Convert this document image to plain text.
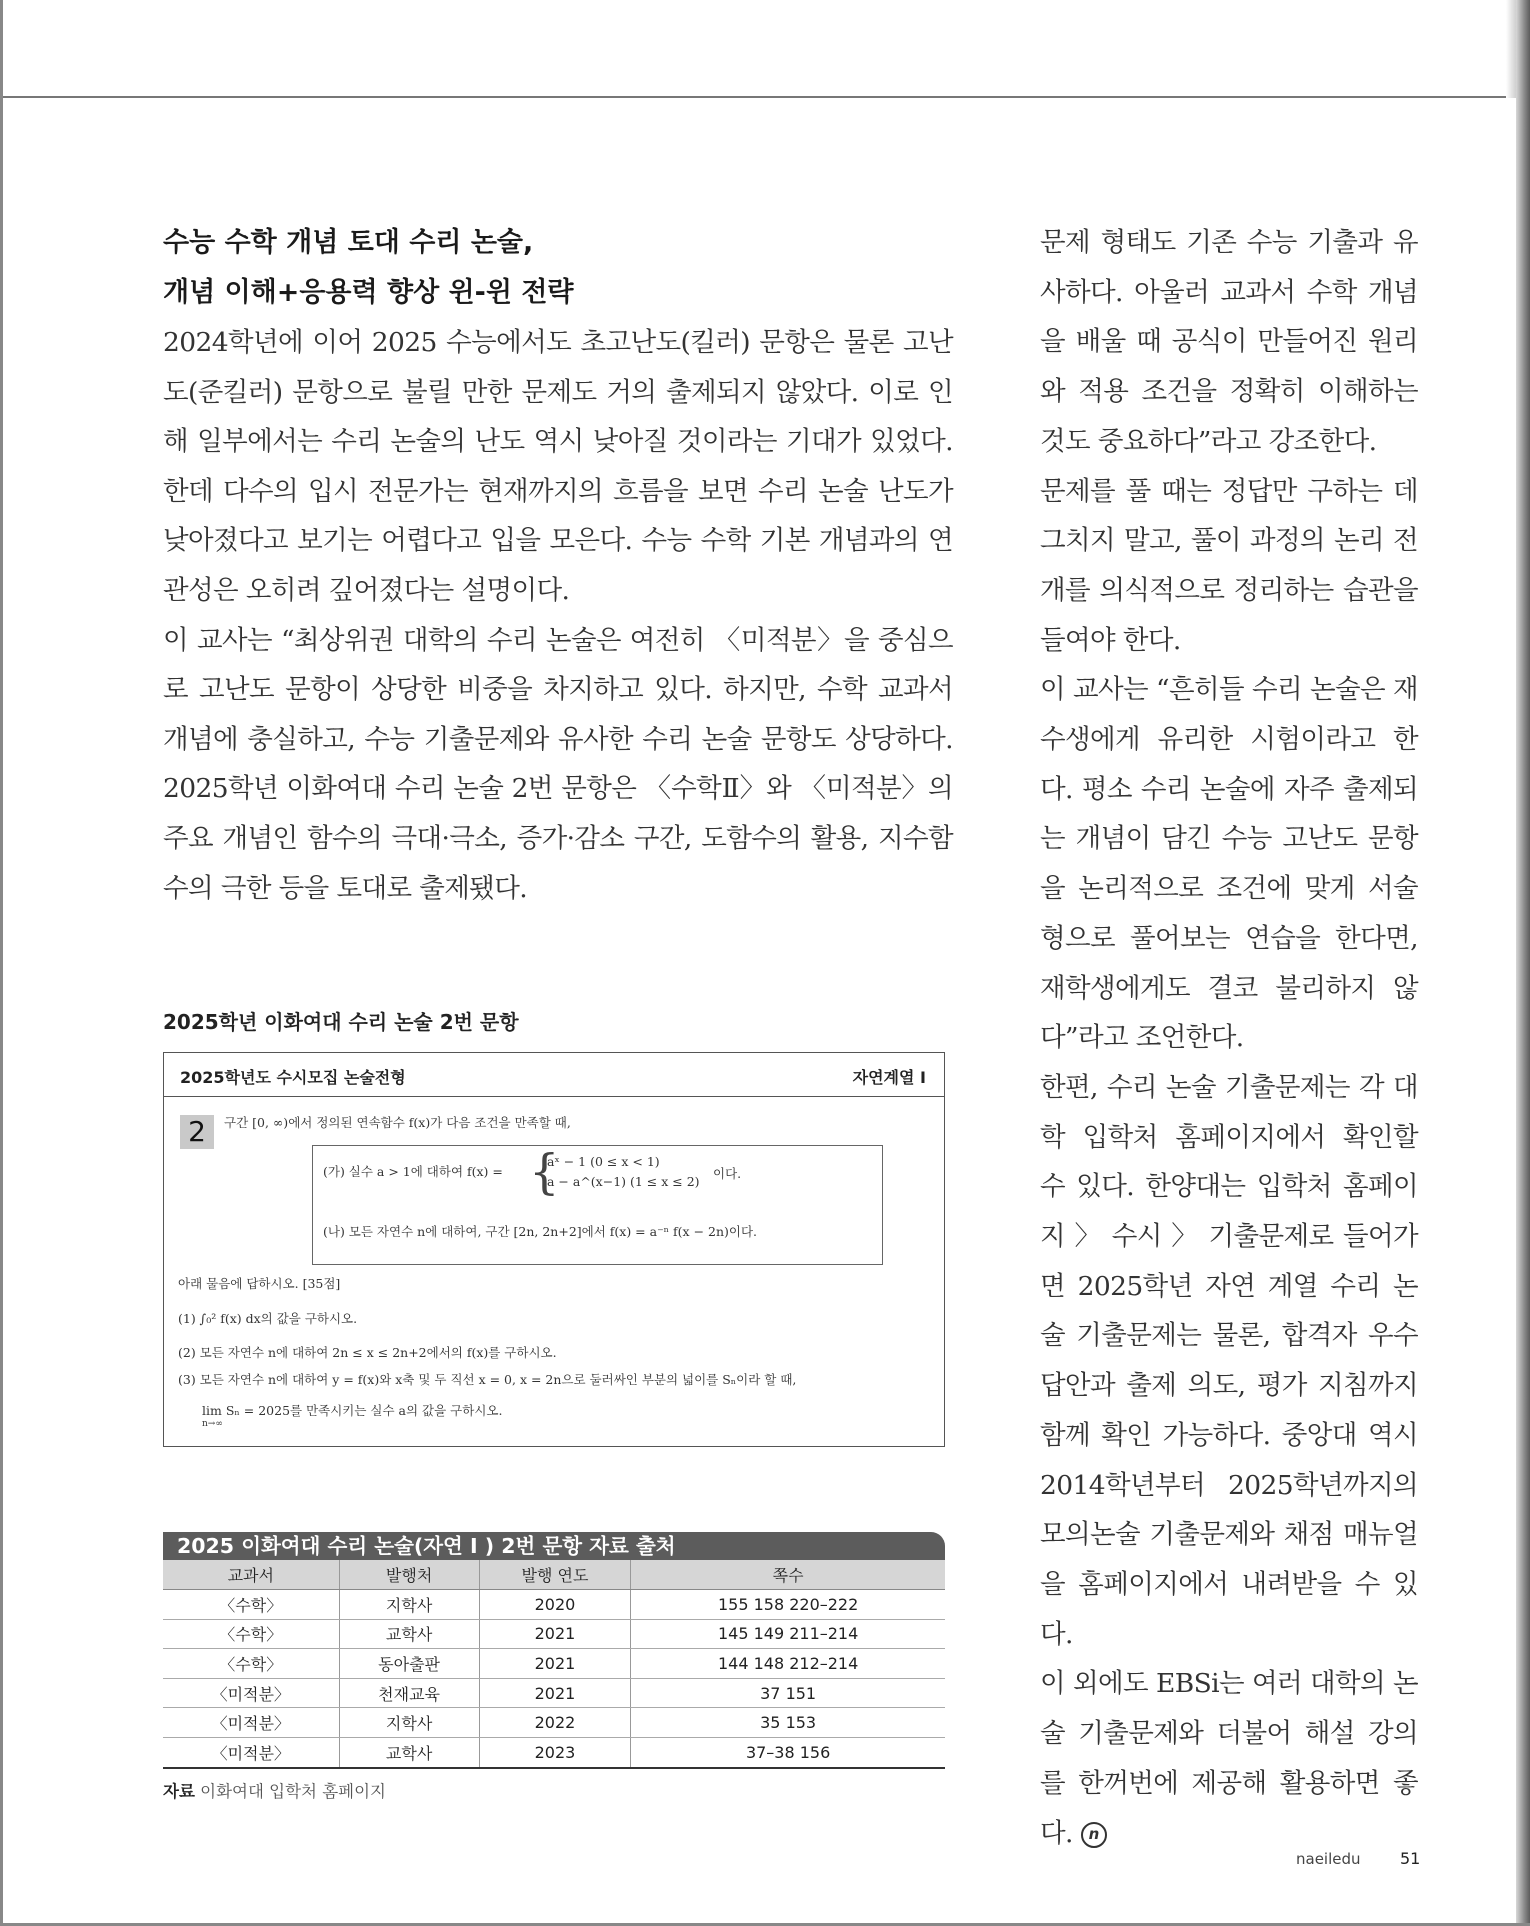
수능 수학 개념 토대 수리 논술,
개념 이해+응용력 향상 윈-윈 전략

2024학년에 이어 2025 수능에서도 초고난도(킬러) 문항은 물론 고난도(준킬러) 문항으로 불릴 만한 문제도 거의 출제되지 않았다. 이로 인해 일부에서는 수리 논술의 난도 역시 낮아질 것이라는 기대가 있었다. 한데 다수의 입시 전문가는 현재까지의 흐름을 보면 수리 논술 난도가 낮아졌다고 보기는 어렵다고 입을 모은다. 수능 수학 기본 개념과의 연관성은 오히려 깊어졌다는 설명이다.

이 교사는 “최상위권 대학의 수리 논술은 여전히 〈미적분〉을 중심으로 고난도 문항이 상당한 비중을 차지하고 있다. 하지만, 수학 교과서 개념에 충실하고, 수능 기출문제와 유사한 수리 논술 문항도 상당하다. 2025학년 이화여대 수리 논술 2번 문항은 〈수학Ⅱ〉와 〈미적분〉의 주요 개념인 함수의 극대·극소, 증가·감소 구간, 도함수의 활용, 지수함수의 극한 등을 토대로 출제됐다.

2025학년 이화여대 수리 논술 2번 문항
2025학년도 수시모집 논술전형	자연계열 I
2	구간 [0, ∞)에서 정의된 연속함수 f(x)가 다음 조건을 만족할 때,
(가) 실수 a > 1에 대하여 f(x) = {
aˣ − 1 (0 ≤ x < 1)
a − a^(x−1) (1 ≤ x ≤ 2)
이다.
(나) 모든 자연수 n에 대하여, 구간 [2n, 2n+2]에서 f(x) = a⁻ⁿ f(x − 2n)이다.
아래 물음에 답하시오. [35점]
(1) ∫₀² f(x) dx의 값을 구하시오.
(2) 모든 자연수 n에 대하여 2n ≤ x ≤ 2n+2에서의 f(x)를 구하시오.
(3) 모든 자연수 n에 대하여 y = f(x)와 x축 및 두 직선 x = 0, x = 2n으로 둘러싸인 부분의 넓이를 Sₙ이라 할 때,
lim Sₙ = 2025를 만족시키는 실수 a의 값을 구하시오.
n→∞
2025 이화여대 수리 논술(자연 I ) 2번 문항 자료 출처
교과서	발행처	발행 연도	쪽수
〈수학〉	지학사	2020	155 158 220–222
〈수학〉	교학사	2021	145 149 211–214
〈수학〉	동아출판	2021	144 148 212–214
〈미적분〉	천재교육	2021	37 151
〈미적분〉	지학사	2022	35 153
〈미적분〉	교학사	2023	37–38 156
자료 이화여대 입학처 홈페이지

문제 형태도 기존 수능 기출과 유사하다. 아울러 교과서 수학 개념을 배울 때 공식이 만들어진 원리와 적용 조건을 정확히 이해하는 것도 중요하다”라고 강조한다.

문제를 풀 때는 정답만 구하는 데 그치지 말고, 풀이 과정의 논리 전개를 의식적으로 정리하는 습관을 들여야 한다.

이 교사는 “흔히들 수리 논술은 재수생에게 유리한 시험이라고 한다. 평소 수리 논술에 자주 출제되는 개념이 담긴 수능 고난도 문항을 논리적으로 조건에 맞게 서술형으로 풀어보는 연습을 한다면, 재학생에게도 결코 불리하지 않다”라고 조언한다.

한편, 수리 논술 기출문제는 각 대학 입학처 홈페이지에서 확인할 수 있다. 한양대는 입학처 홈페이지 〉 수시 〉 기출문제로 들어가면 2025학년 자연 계열 수리 논술 기출문제는 물론, 합격자 우수 답안과 출제 의도, 평가 지침까지 함께 확인 가능하다. 중앙대 역시 2014학년부터 2025학년까지의 모의논술 기출문제와 채점 매뉴얼을 홈페이지에서 내려받을 수 있다.

이 외에도 EBSi는 여러 대학의 논술 기출문제와 더불어 해설 강의를 한꺼번에 제공해 활용하면 좋다. n

naeiledu 51
